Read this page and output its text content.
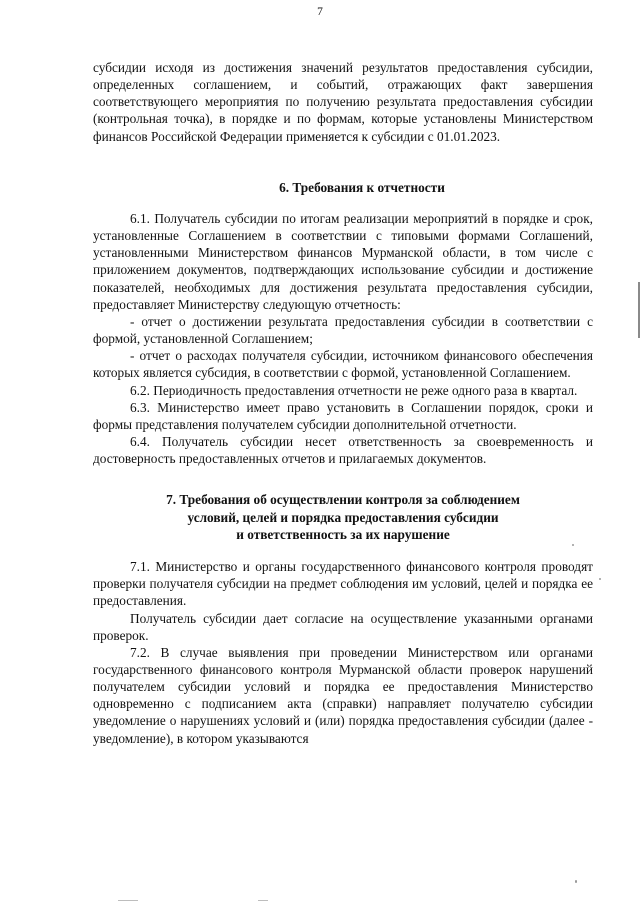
7

субсидии исходя из достижения значений результатов предоставления субсидии, определенных соглашением, и событий, отражающих факт завершения соответствующего мероприятия по получению результата предоставления субсидии (контрольная точка), в порядке и по формам, которые установлены Министерством финансов Российской Федерации применяется к субсидии с 01.01.2023.

6. Требования к отчетности

6.1. Получатель субсидии по итогам реализации мероприятий в порядке и срок, установленные Соглашением в соответствии с типовыми формами Соглашений, установленными Министерством финансов Мурманской области, в том числе с приложением документов, подтверждающих использование субсидии и достижение показателей, необходимых для достижения результата предоставления субсидии, предоставляет Министерству следующую отчетность:

- отчет о достижении результата предоставления субсидии в соответствии с формой, установленной Соглашением;

- отчет о расходах получателя субсидии, источником финансового обеспечения которых является субсидия, в соответствии с формой, установленной Соглашением.

6.2. Периодичность предоставления отчетности не реже одного раза в квартал.

6.3. Министерство имеет право установить в Соглашении порядок, сроки и формы представления получателем субсидии дополнительной отчетности.

6.4. Получатель субсидии несет ответственность за своевременность и достоверность предоставленных отчетов и прилагаемых документов.

7. Требования об осуществлении контроля за соблюдением
условий, целей и порядка предоставления субсидии
и ответственность за их нарушение

7.1. Министерство и органы государственного финансового контроля проводят проверки получателя субсидии на предмет соблюдения им условий, целей и порядка ее предоставления.

Получатель субсидии дает согласие на осуществление указанными органами проверок.

7.2. В случае выявления при проведении Министерством или органами государственного финансового контроля Мурманской области проверок нарушений получателем субсидии условий и порядка ее предоставления Министерство одновременно с подписанием акта (справки) направляет получателю субсидии уведомление о нарушениях условий и (или) порядка предоставления субсидии (далее - уведомление), в котором указываются
